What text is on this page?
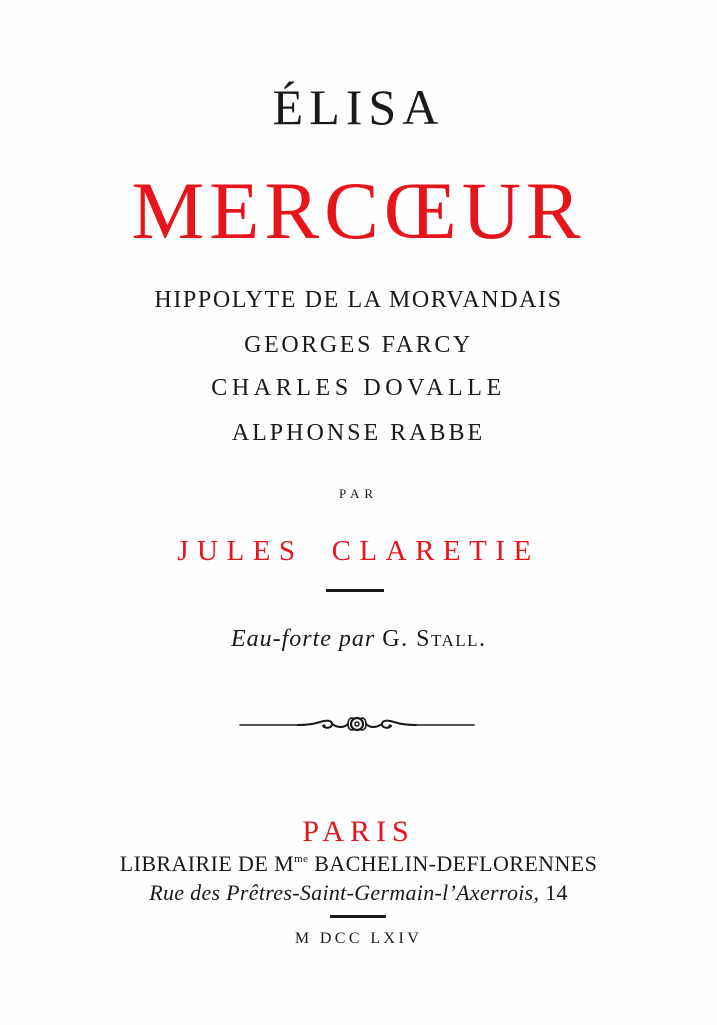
ÉLISA
MERCŒUR
HIPPOLYTE DE LA MORVANDAIS
GEORGES FARCY
CHARLES DOVALLE
ALPHONSE RABBE
PAR
JULES CLARETIE
Eau-forte par G. Stall.
PARIS
LIBRAIRIE DE $M^{me}$ BACHELIN-DEFLORENNES
Rue des Prêtres-Saint-Germain-l’Axerrois, 14
M DCC LXIV
